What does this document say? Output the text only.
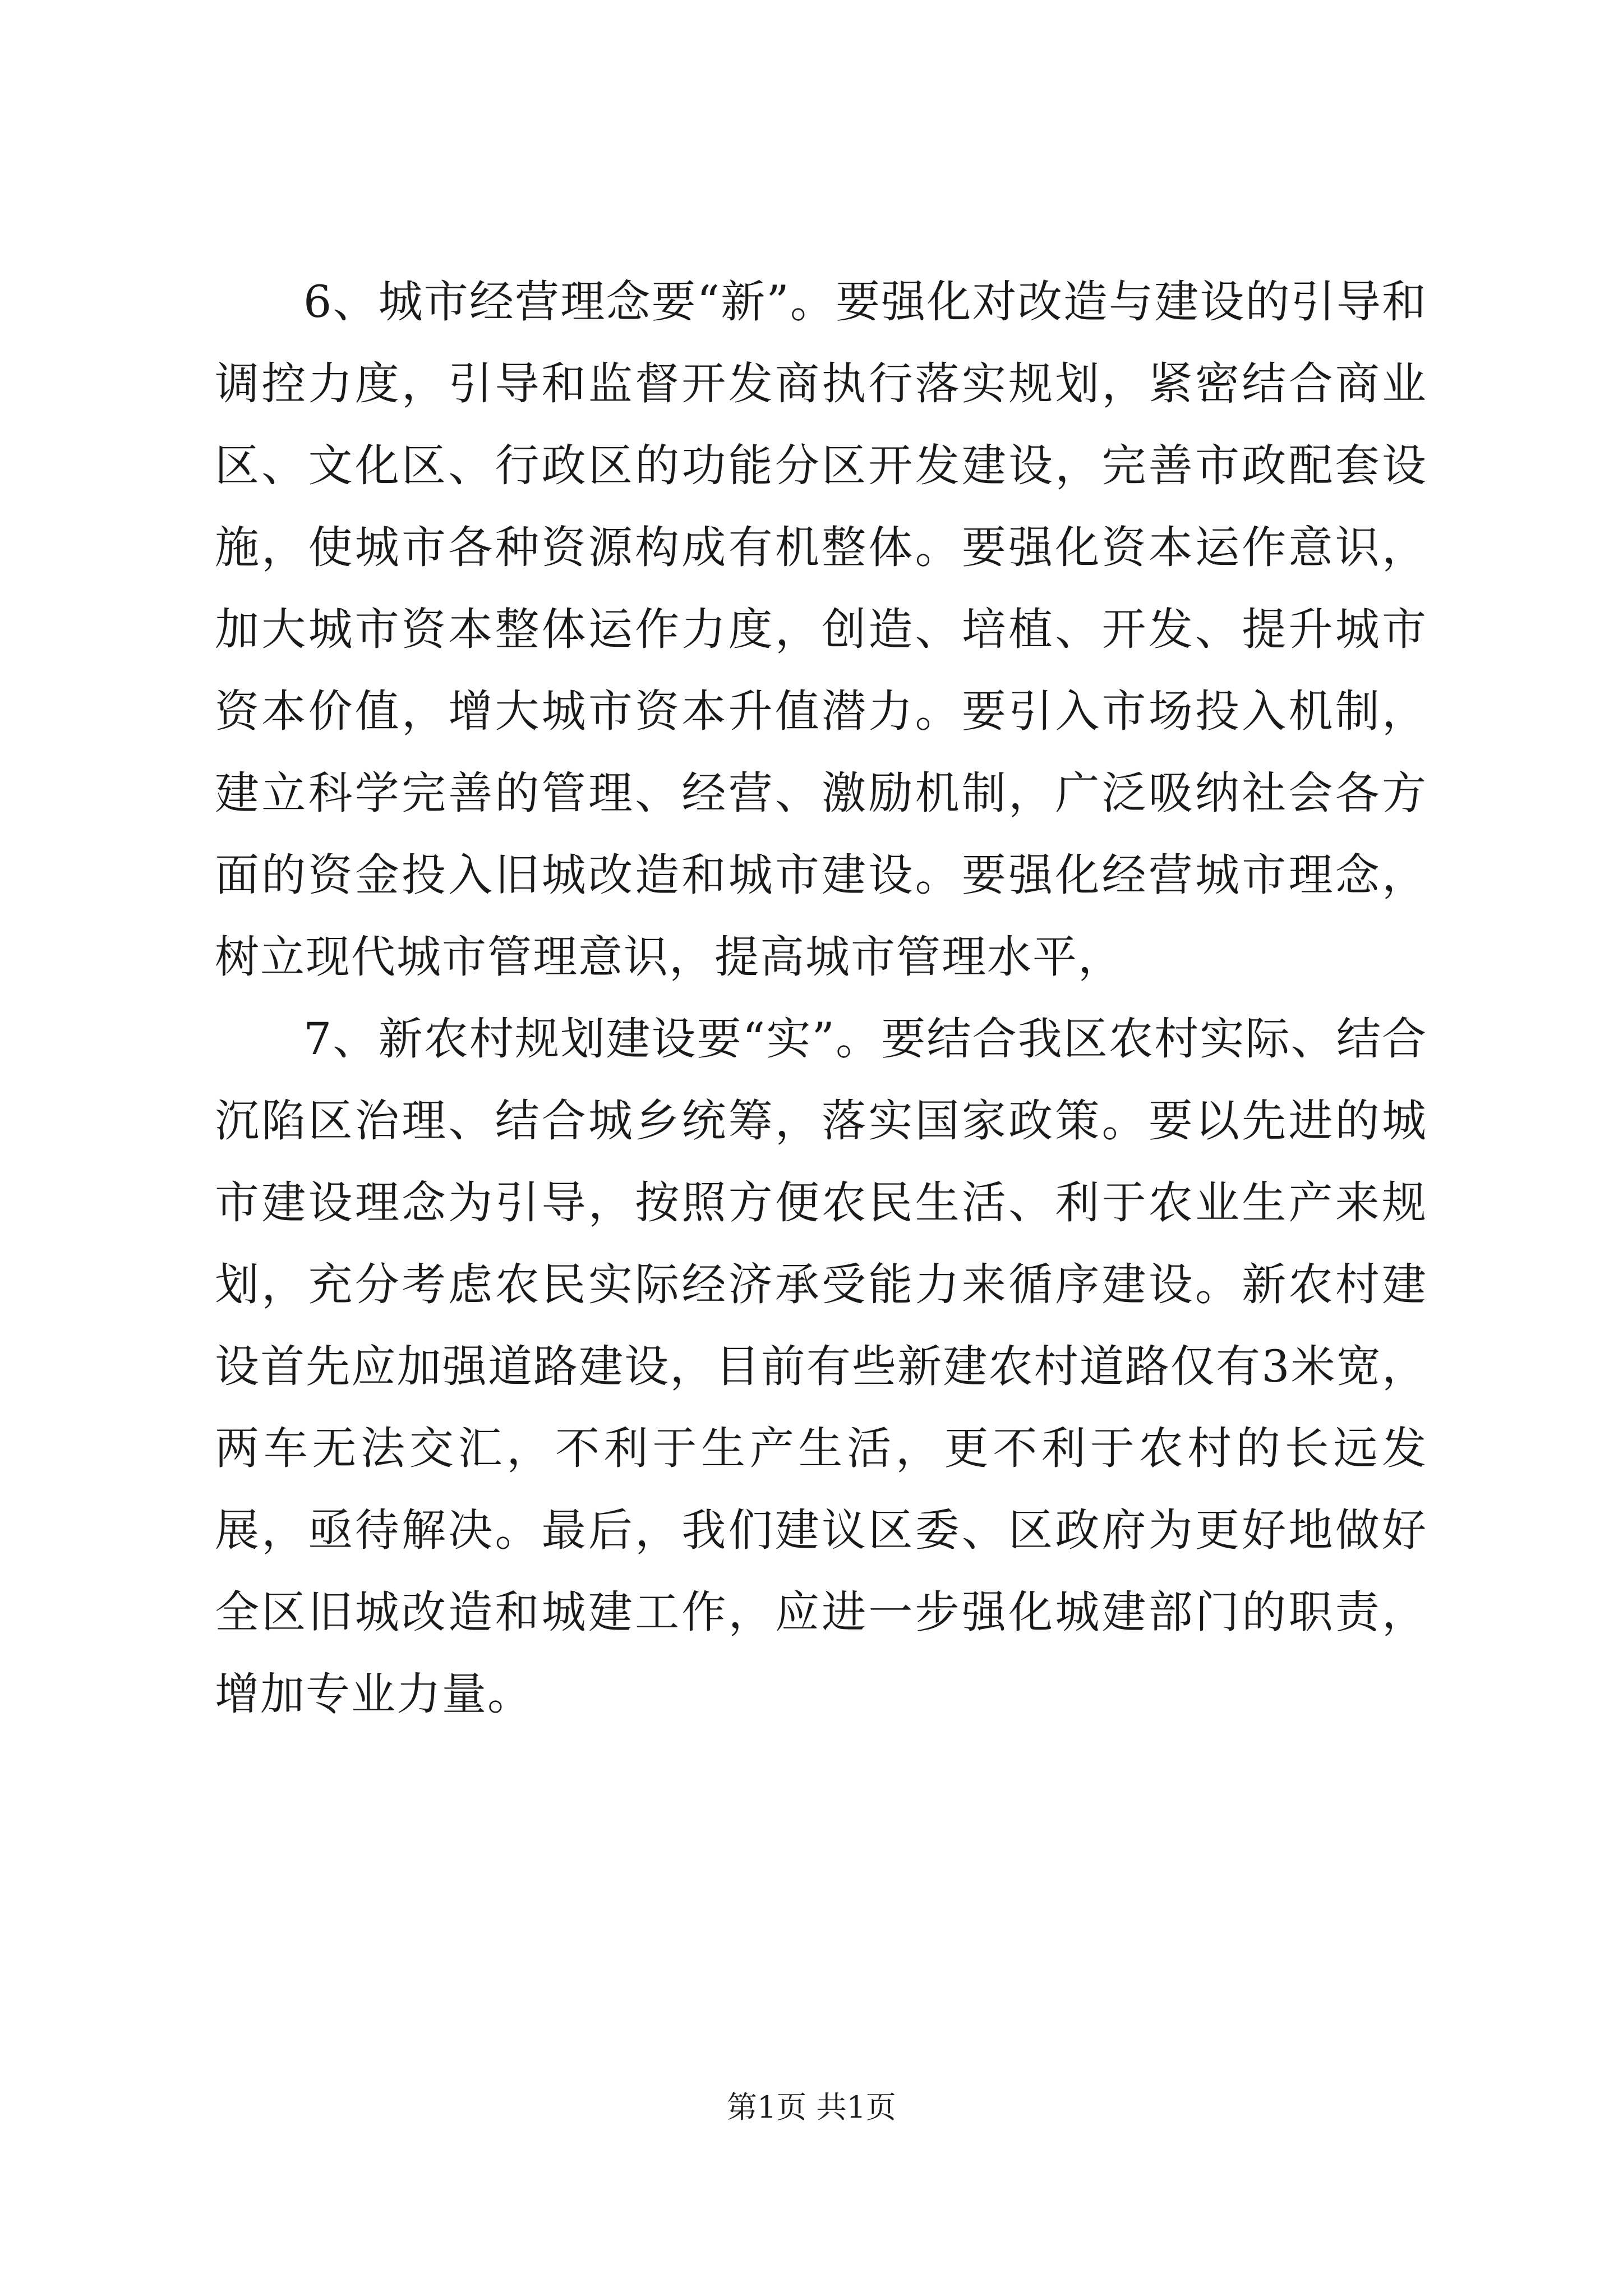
6、城市经营理念要“新”。要强化对改造与建设的引导和调控力度，引导和监督开发商执行落实规划，紧密结合商业区、文化区、行政区的功能分区开发建设，完善市政配套设施，使城市各种资源构成有机整体。要强化资本运作意识，加大城市资本整体运作力度，创造、培植、开发、提升城市资本价值，增大城市资本升值潜力。要引入市场投入机制，建立科学完善的管理、经营、激励机制，广泛吸纳社会各方面的资金投入旧城改造和城市建设。要强化经营城市理念，树立现代城市管理意识，提高城市管理水平，

7、新农村规划建设要“实”。要结合我区农村实际、结合沉陷区治理、结合城乡统筹，落实国家政策。要以先进的城市建设理念为引导，按照方便农民生活、利于农业生产来规划，充分考虑农民实际经济承受能力来循序建设。新农村建设首先应加强道路建设，目前有些新建农村道路仅有3米宽，两车无法交汇，不利于生产生活，更不利于农村的长远发展，亟待解决。最后，我们建议区委、区政府为更好地做好全区旧城改造和城建工作，应进一步强化城建部门的职责，增加专业力量。

第1页 共1页
